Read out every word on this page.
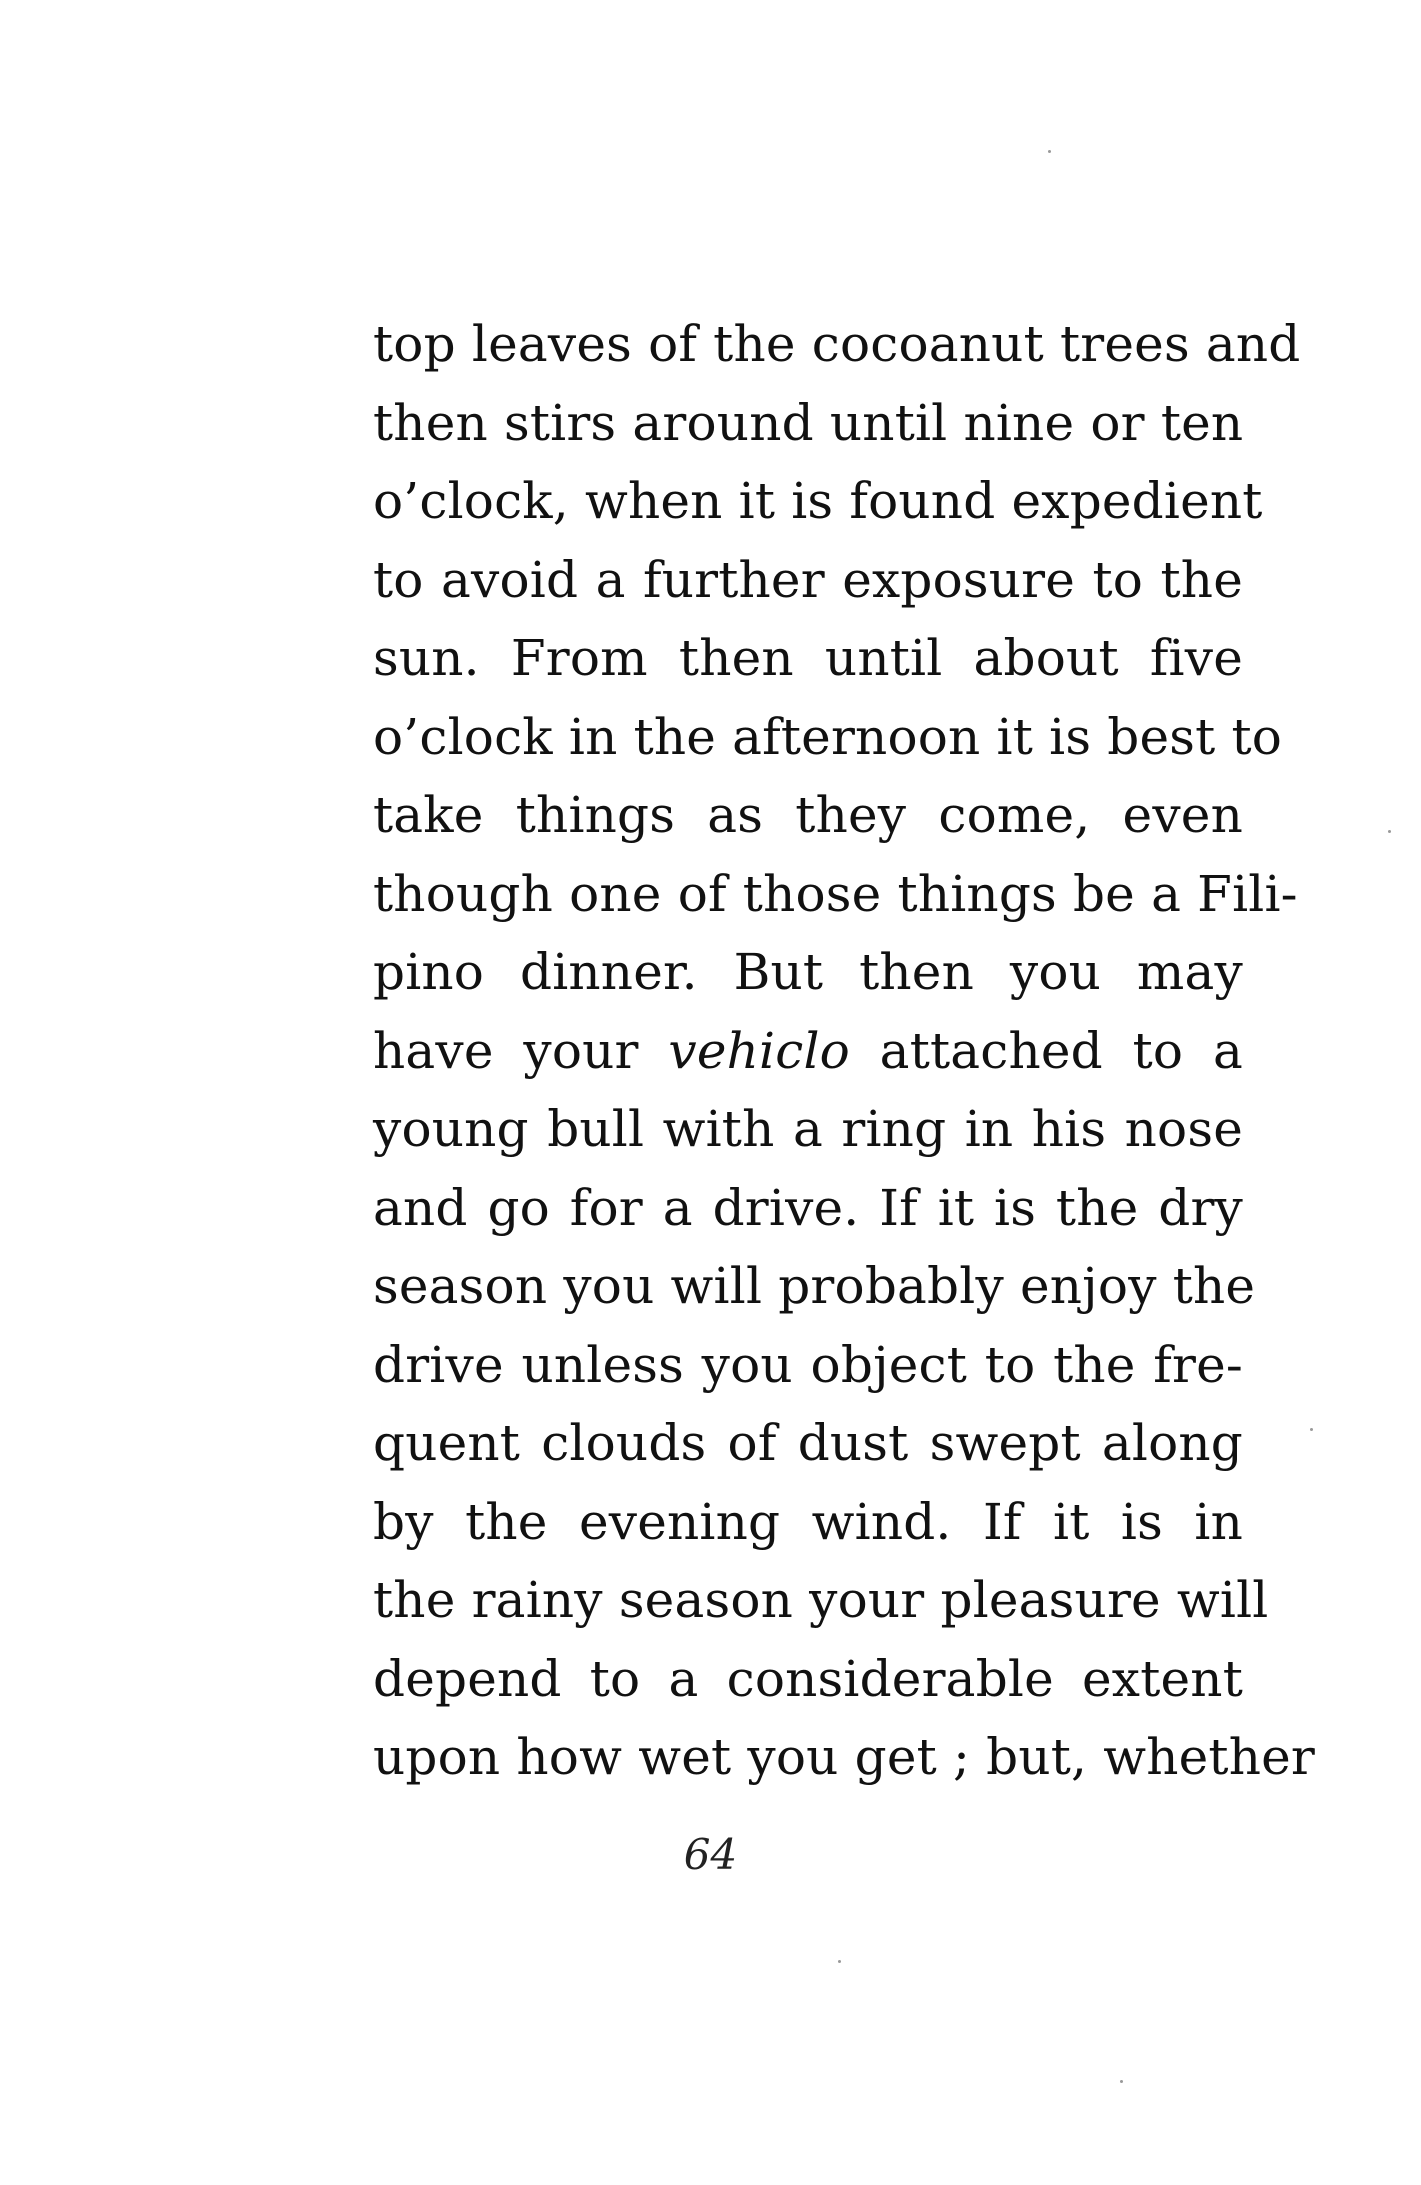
top leaves of the cocoanut trees and
then stirs around until nine or ten
o’clock, when it is found expedient
to avoid a further exposure to the
sun. From then until about five
o’clock in the afternoon it is best to
take things as they come, even
though one of those things be a Fili-
pino dinner. But then you may
have your vehiclo attached to a
young bull with a ring in his nose
and go for a drive. If it is the dry
season you will probably enjoy the
drive unless you object to the fre-
quent clouds of dust swept along
by the evening wind. If it is in
the rainy season your pleasure will
depend to a considerable extent
upon how wet you get ; but, whether
64
